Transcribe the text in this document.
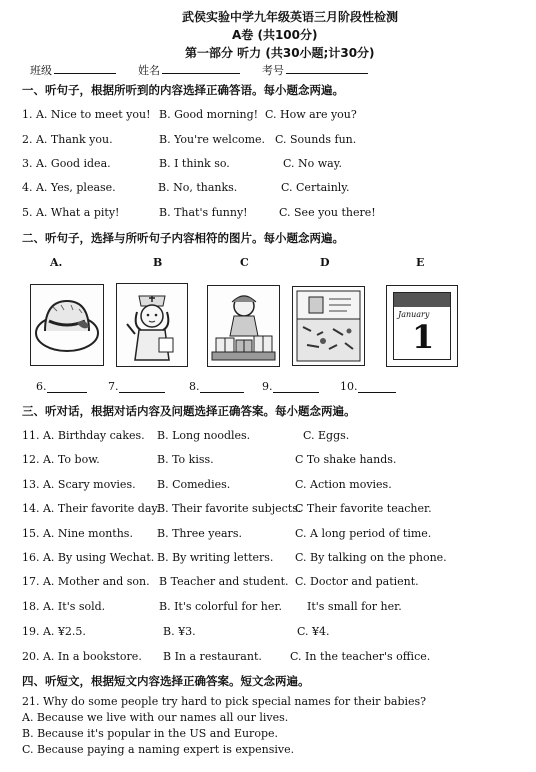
武侯实验中学九年级英语三月阶段性检测
A卷 (共100分)
第一部分 听力 (共30小题;计30分)
班级	姓名	考号
一、听句子，根据所听到的内容选择正确答语。每小题念两遍。
1. A. Nice to meet you! B. Good morning! C. How are you?
2. A. Thank you.	B. You're welcome. C. Sounds fun.
3. A. Good idea.	B. I think so.	C. No way.
4. A. Yes, please.	B. No, thanks.	C. Certainly.
5. A. What a pity!	B. That's funny!	C. See you there!
二、听句子，选择与所听句子内容相符的图片。每小题念两遍。
A.	B	C	D	E
January
1
6.	7.	8.	9.	10.
三、听对话，根据对话内容及问题选择正确答案。每小题念两遍。
11. A. Birthday cakes. B. Long noodles.	C. Eggs.
12. A. To bow.	B. To kiss.	C To shake hands.
13. A. Scary movies. B. Comedies.	C. Action movies.
14. A. Their favorite day.
B. Their favorite subjects.
C Their favorite teacher.
15. A. Nine months. B. Three years.	C. A long period of time.
16. A. By using Wechat. B. By writing letters. C. By talking on the phone.
17. A. Mother and son. B Teacher and student. C. Doctor and patient.
18. A. It's sold.	B. It's colorful for her. It's small for her.
19. A. ¥2.5.	B. ¥3.	C. ¥4.
20. A. In a bookstore. B In a restaurant.	C. In the teacher's office.
四、听短文，根据短文内容选择正确答案。短文念两遍。
21. Why do some people try hard to pick special names for their babies?
A. Because we live with our names all our lives.
B. Because it's popular in the US and Europe.
C. Because paying a naming expert is expensive.
